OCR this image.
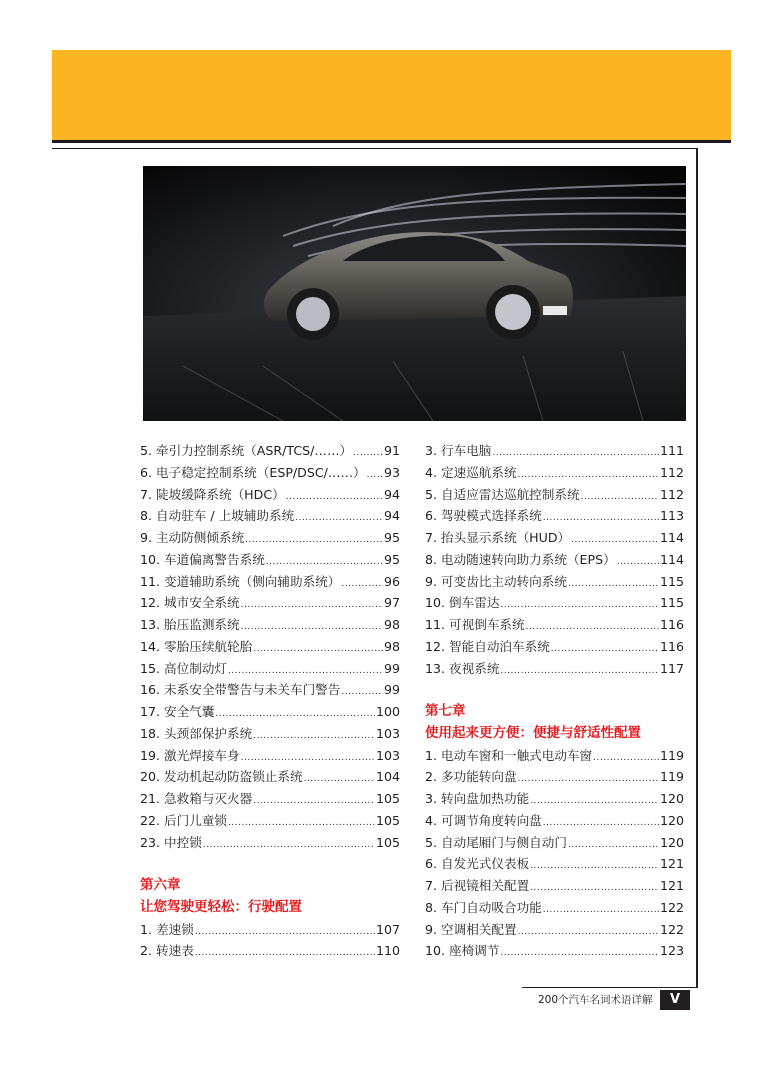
5. 牵引力控制系统（ASR/TCS/……） .....	91
6. 电子稳定控制系统（ESP/DSC/……） ..... 93
7. 陡坡缓降系统（HDC） .....	94
8. 自动驻车 / 上坡辅助系统 .....	94
9. 主动防侧倾系统 .....	95
10. 车道偏离警告系统 .....	95
11. 变道辅助系统（侧向辅助系统） .....	96
12. 城市安全系统 .....	97
13. 胎压监测系统 .....	98
14. 零胎压续航轮胎 .....	98
15. 高位制动灯 .....	99
16. 未系安全带警告与未关车门警告 .....	99
17. 安全气囊 .....	100
18. 头颈部保护系统 .....	103
19. 激光焊接车身 .....	103
20. 发动机起动防盗锁止系统 .....	104
21. 急救箱与灭火器 .....	105
22. 后门儿童锁 .....	105
23. 中控锁 .....	105
第六章
让您驾驶更轻松：行驶配置
1. 差速锁 .....	107
2. 转速表 .....	110
3. 行车电脑 .....	111
4. 定速巡航系统 .....	112
5. 自适应雷达巡航控制系统 .....	112
6. 驾驶模式选择系统 .....	113
7. 抬头显示系统（HUD） .....	114
8. 电动随速转向助力系统（EPS） .....	114
9. 可变齿比主动转向系统 .....	115
10. 倒车雷达 .....	115
11. 可视倒车系统 .....	116
12. 智能自动泊车系统 .....	116
13. 夜视系统 .....	117
第七章
使用起来更方便：便捷与舒适性配置
1. 电动车窗和一触式电动车窗 .....	119
2. 多功能转向盘 .....	119
3. 转向盘加热功能 .....	120
4. 可调节角度转向盘 .....	120
5. 自动尾厢门与侧自动门 .....	120
6. 自发光式仪表板 .....	121
7. 后视镜相关配置 .....	121
8. 车门自动吸合功能 .....	122
9. 空调相关配置 .....	122
10. 座椅调节 .....	123
200个汽车名词术语详解	V
